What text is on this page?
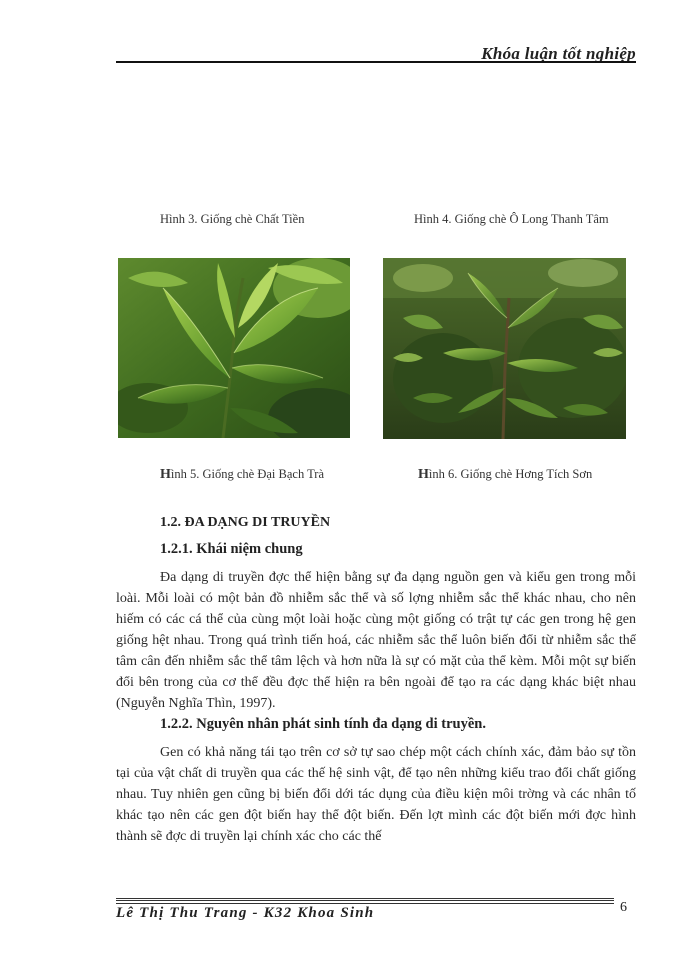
Khóa luận tốt nghiệp
Hình 3. Giống chè Chất Tiền	Hình 4. Giống chè Ô Long Thanh Tâm
Hình 5. Giống chè Đại Bạch Trà	Hình 6. Giống chè Hơng Tích Sơn
1.2. ĐA DẠNG DI TRUYỀN
1.2.1. Khái niệm chung
Đa dạng di truyền đợc thể hiện bằng sự đa dạng nguồn gen và kiểu gen trong mỗi loài. Mỗi loài có một bản đồ nhiễm sắc thể và số lợng nhiễm sắc thể khác nhau, cho nên hiếm có các cá thể của cùng một loài hoặc cùng một giống có trật tự các gen trong hệ gen giống hệt nhau. Trong quá trình tiến hoá, các nhiễm sắc thể luôn biến đổi từ nhiễm sắc thể tâm cân đến nhiễm sắc thể tâm lệch và hơn nữa là sự có mặt của thể kèm. Mỗi một sự biến đổi bên trong của cơ thể đều đợc thể hiện ra bên ngoài để tạo ra các dạng khác biệt nhau (Nguyễn Nghĩa Thìn, 1997).
1.2.2. Nguyên nhân phát sinh tính đa dạng di truyền.
Gen có khả năng tái tạo trên cơ sở tự sao chép một cách chính xác, đảm bảo sự tồn tại của vật chất di truyền qua các thế hệ sinh vật, để tạo nên những kiểu trao đổi chất giống nhau. Tuy nhiên gen cũng bị biến đổi dới tác dụng của điều kiện môi trờng và các nhân tố khác tạo nên các gen đột biến hay thể đột biến. Đến lợt mình các đột biến mới đợc hình thành sẽ đợc di truyền lại chính xác cho các thế
Lê Thị Thu Trang - K32 Khoa Sinh	6
